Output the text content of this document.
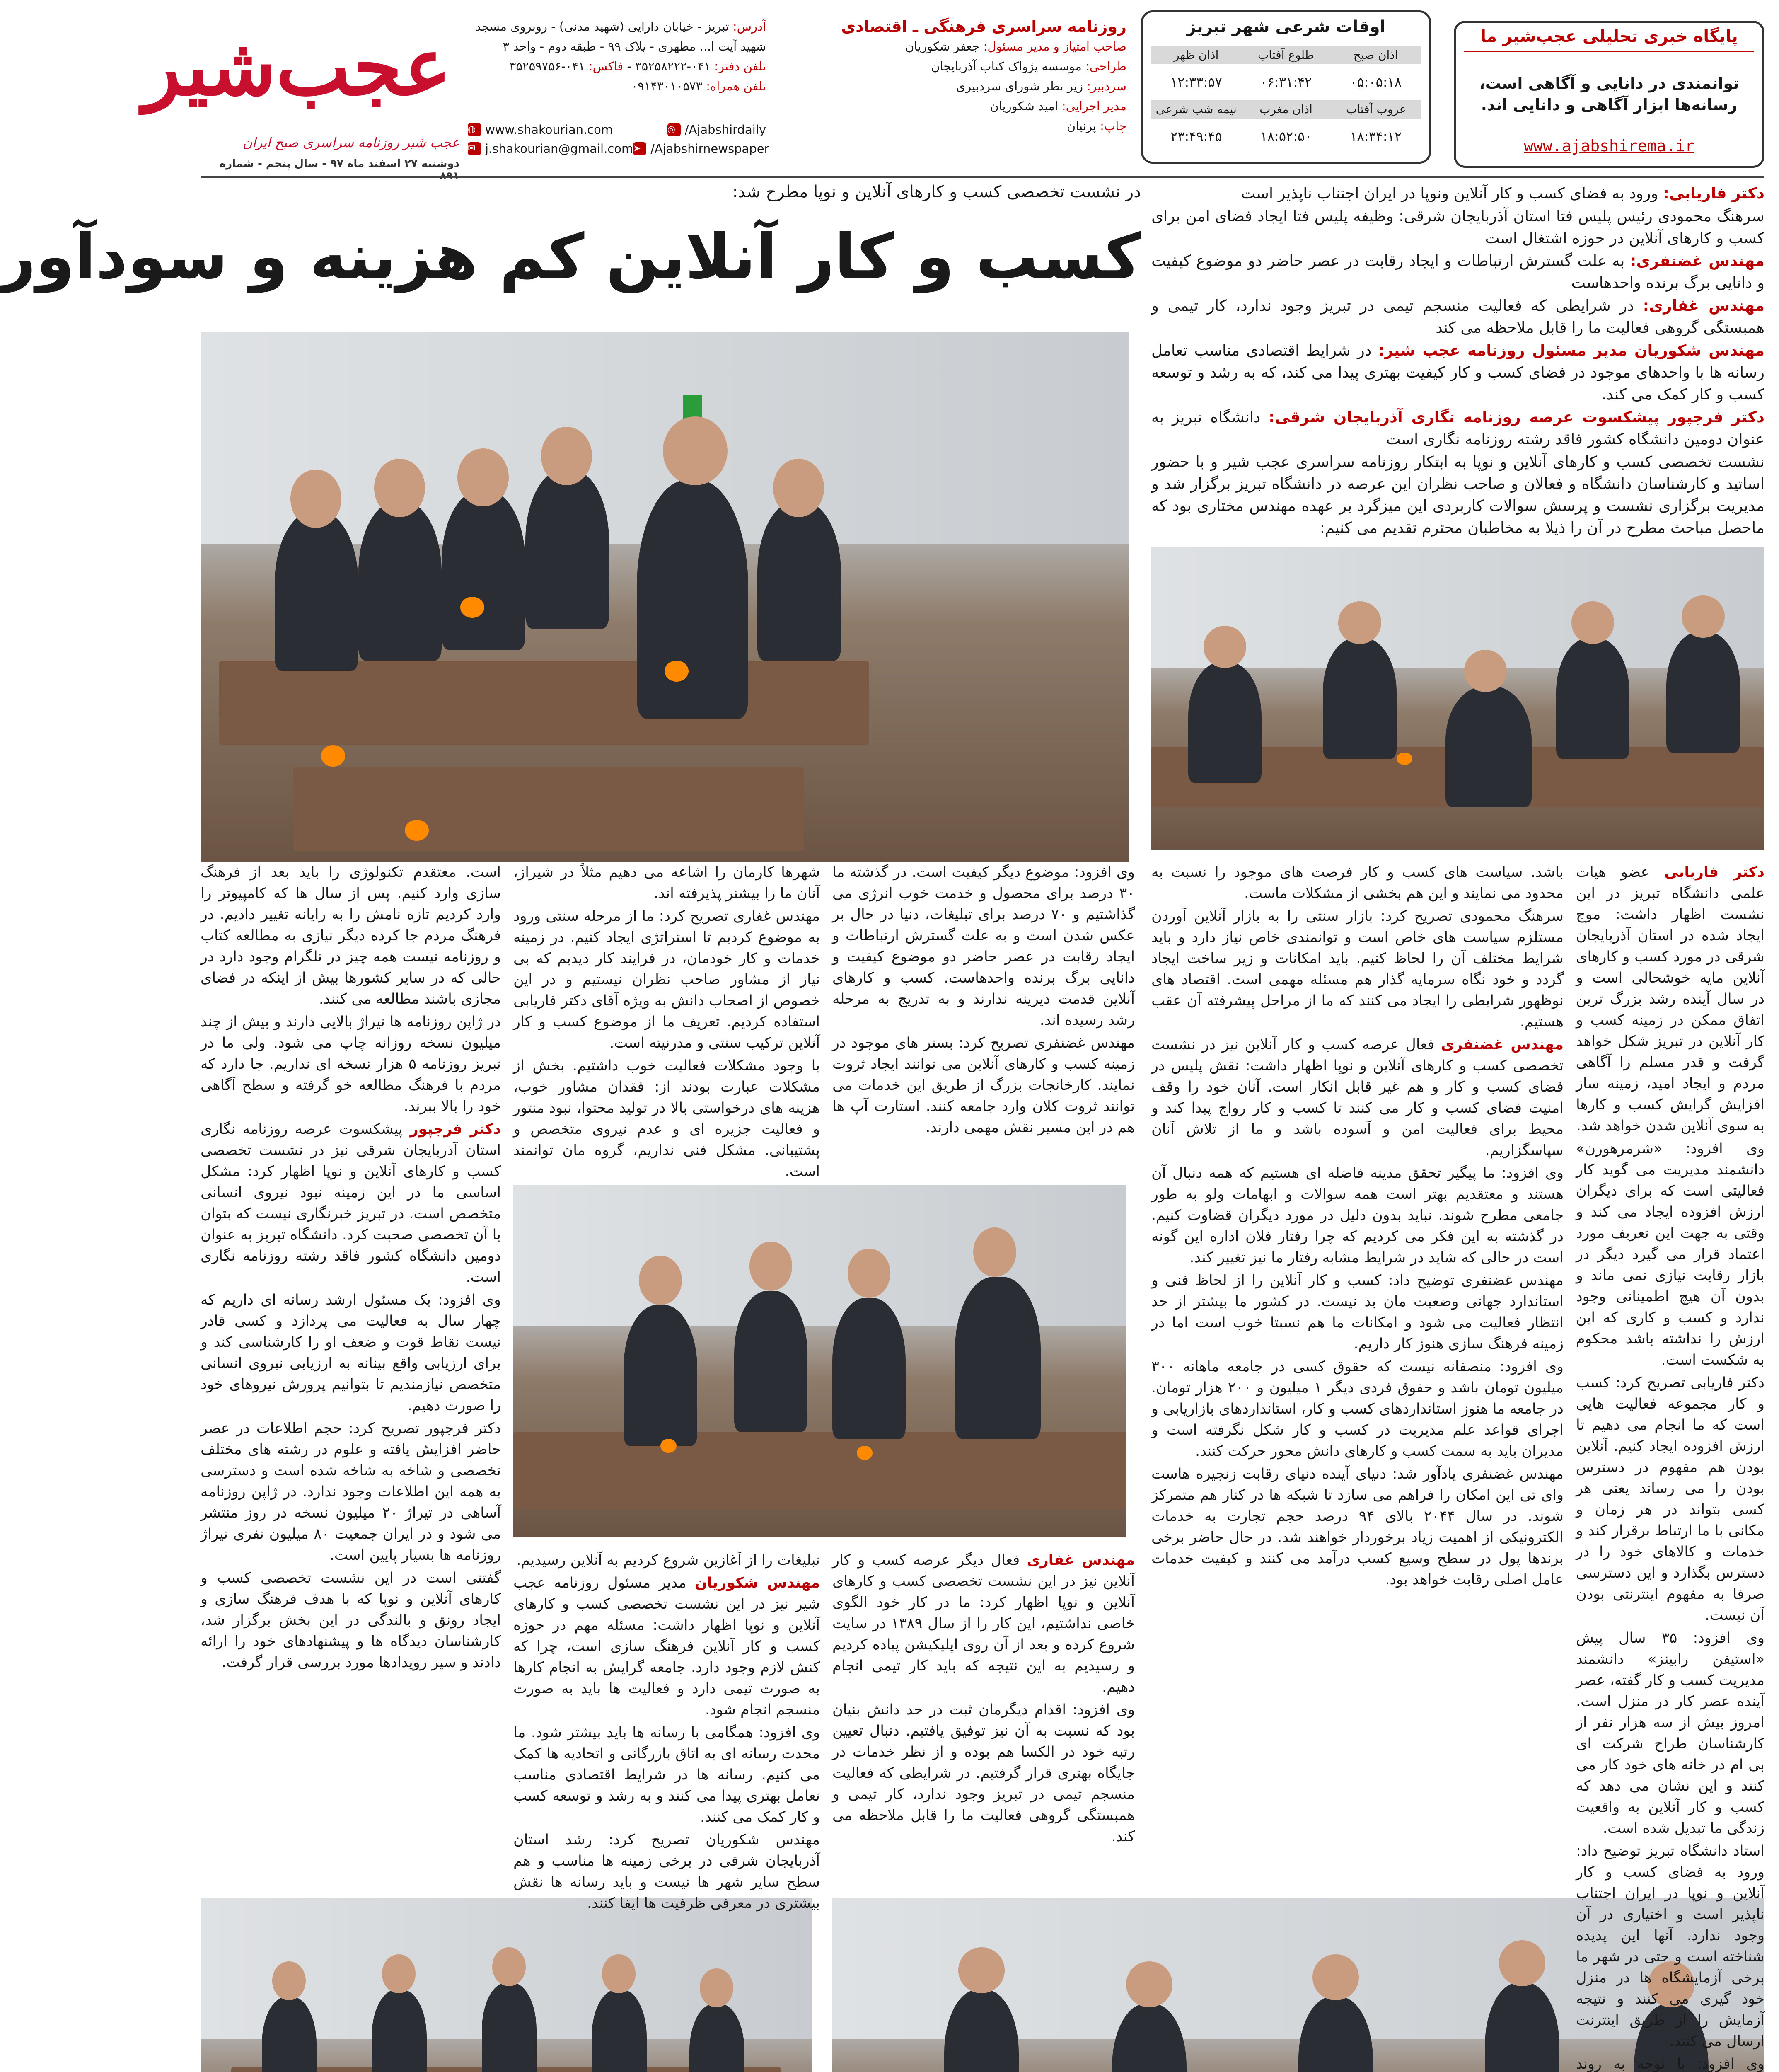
پایگاه خبری تحلیلی عجب‌شیر ما
توانمندی در دانایی و آگاهی است، رسانه‌ها ابزار آگاهی و دانایی اند.
www.ajabshirema.ir
اوقات شرعی شهر تبریز
اذان صبح
طلوع آفتاب
اذان ظهر
۰۵:۰۵:۱۸
۰۶:۳۱:۴۲
۱۲:۳۳:۵۷
غروب آفتاب
اذان مغرب
نیمه شب شرعی
۱۸:۳۴:۱۲
۱۸:۵۲:۵۰
۲۳:۴۹:۴۵
روزنامه سراسری فرهنگی ـ اقتصادی
صاحب امتیاز و مدیر مسئول: جعفر شکوریان
طراحی: موسسه پژواک کتاب آذربایجان
سردبیر: زیر نظر شورای سردبیری
مدیر اجرایی: امید شکوریان
چاپ: پرنیان
آدرس: تبریز - خیابان دارایی (شهید مدنی) - روبروی مسجد شهید آیت ا... مطهری - پلاک ۹۹ - طبقه دوم - واحد ۳
تلفن دفتر: ۰۴۱-۳۵۲۵۸۲۲۲ - فاکس: ۰۴۱-۳۵۲۵۹۷۵۶
تلفن همراه: ۰۹۱۴۳۰۱۰۵۷۳
◍ www.shakourian.com	◎ /Ajabshirdaily
✉ j.shakourian@gmail.com ➤ /Ajabshirnewspaper
عجب‌شیر
عجب شیر روزنامه سراسری صبح ایران
دوشنبه ۲۷ اسفند ماه ۹۷ - سال پنجم - شماره ۸۹۱
در نشست تخصصی کسب و کارهای آنلاین و نوپا مطرح شد:
کسب و کار آنلاین کم هزینه و سودآور

دکتر فاریابی: ورود به فضای کسب و کار آنلاین ونوپا در ایران اجتناب ناپذیر است

سرهنگ محمودی رئیس پلیس فتا استان آذربایجان شرقی: وظیفه پلیس فتا ایجاد فضای امن برای کسب و کارهای آنلاین در حوزه اشتغال است

مهندس غضنفری: به علت گسترش ارتباطات و ایجاد رقابت در عصر حاضر دو موضوع کیفیت و دانایی برگ برنده واحدهاست

مهندس غفاری: در شرایطی که فعالیت منسجم تیمی در تبریز وجود ندارد، کار تیمی و همبستگی گروهی فعالیت ما را قابل ملاحظه می کند

مهندس شکوریان مدیر مسئول روزنامه عجب شیر: در شرایط اقتصادی مناسب تعامل رسانه ها با واحدهای موجود در فضای کسب و کار کیفیت بهتری پیدا می کند، که به رشد و توسعه کسب و کار کمک می کند.

دکتر فرجپور پیشکسوت عرصه روزنامه نگاری آذربایجان شرقی: دانشگاه تبریز به عنوان دومین دانشگاه کشور فاقد رشته روزنامه نگاری است

نشست تخصصی کسب و کارهای آنلاین و نوپا به ابتکار روزنامه سراسری عجب شیر و با حضور اساتید و کارشناسان دانشگاه و فعالان و صاحب نظران این عرصه در دانشگاه تبریز برگزار شد و مدیریت برگزاری نشست و پرسش سوالات کاربردی این میزگرد بر عهده مهندس مختاری بود که ماحصل مباحث مطرح در آن را ذیلا به مخاطبان محترم تقدیم می کنیم:

دکتر فاریابی عضو هیات علمی دانشگاه تبریز در این نشست اظهار داشت: موج ایجاد شده در استان آذربایجان شرقی در مورد کسب و کارهای آنلاین مایه خوشحالی است و در سال آینده رشد بزرگ ترین اتفاق ممکن در زمینه کسب و کار آنلاین در تبریز شکل خواهد گرفت و قدر مسلم را آگاهی مردم و ایجاد امید، زمینه ساز افزایش گرایش کسب و کارها به سوی آنلاین شدن خواهد شد.

وی افزود: «شرمرهورن» دانشمند مدیریت می گوید کار فعالیتی است که برای دیگران ارزش افزوده ایجاد می کند و وقتی به جهت این تعریف مورد اعتماد قرار می گیرد دیگر در بازار رقابت نیازی نمی ماند و بدون آن هیچ اطمینانی وجود ندارد و کسب و کاری که این ارزش را نداشته باشد محکوم به شکست است.

دکتر فاریابی تصریح کرد: کسب و کار مجموعه فعالیت هایی است که ما انجام می دهیم تا ارزش افزوده ایجاد کنیم. آنلاین بودن هم مفهوم در دسترس بودن را می رساند یعنی هر کسی بتواند در هر زمان و مکانی با ما ارتباط برقرار کند و خدمات و کالاهای خود را در دسترس بگذارد و این دسترسی صرفا به مفهوم اینترنتی بودن آن نیست.

وی افزود: ۳۵ سال پیش «استیفن رابینز» دانشمند مدیریت کسب و کار گفته، عصر آینده عصر کار در منزل است. امروز بیش از سه هزار نفر از کارشناسان طراح شرکت ای بی ام در خانه های خود کار می کنند و این نشان می دهد که کسب و کار آنلاین به واقعیت زندگی ما تبدیل شده است.

استاد دانشگاه تبریز توضیح داد: ورود به فضای کسب و کار آنلاین و نوپا در ایران اجتناب ناپذیر است و اختیاری در آن وجود ندارد. آنها این پدیده شناخته است و حتی در شهر ما برخی آزمایشگاه ها در منزل خود گیری می کنند و نتیجه آزمایش را از طریق اینترنت ارسال می کنند.

وی افزود: با توجه به روند

باشد. سیاست های کسب و کار فرصت های موجود را نسبت به محدود می نمایند و این هم بخشی از مشکلات ماست.

سرهنگ محمودی تصریح کرد: بازار سنتی را به بازار آنلاین آوردن مستلزم سیاست های خاص است و توانمندی خاص نیاز دارد و باید شرایط مختلف آن را لحاظ کنیم. باید امکانات و زیر ساخت ایجاد گردد و خود نگاه سرمایه گذار هم مسئله مهمی است. اقتصاد های نوظهور شرایطی را ایجاد می کنند که ما از مراحل پیشرفته آن عقب هستیم.

مهندس غضنفری فعال عرصه کسب و کار آنلاین نیز در نشست تخصصی کسب و کارهای آنلاین و نوپا اظهار داشت: نقش پلیس در فضای کسب و کار و هم غیر قابل انکار است. آنان خود را وقف امنیت فضای کسب و کار می کنند تا کسب و کار رواج پیدا کند و محیط برای فعالیت امن و آسوده باشد و ما از تلاش آنان سپاسگزاریم.

وی افزود: ما پیگیر تحقق مدینه فاضله ای هستیم که همه دنبال آن هستند و معتقدیم بهتر است همه سوالات و ابهامات ولو به طور جامعی مطرح شوند. نباید بدون دلیل در مورد دیگران قضاوت کنیم. در گذشته به این فکر می کردیم که چرا رفتار فلان اداره این گونه است در حالی که شاید در شرایط مشابه رفتار ما نیز تغییر کند.

مهندس غضنفری توضیح داد: کسب و کار آنلاین را از لحاظ فنی و استاندارد جهانی وضعیت مان بد نیست. در کشور ما بیشتر از حد انتظار فعالیت می شود و امکانات ما هم نسبتا خوب است اما در زمینه فرهنگ سازی هنوز کار داریم.

وی افزود: منصفانه نیست که حقوق کسی در جامعه ماهانه ۳۰۰ میلیون تومان باشد و حقوق فردی دیگر ۱ میلیون و ۲۰۰ هزار تومان. در جامعه ما هنوز استانداردهای کسب و کار، استانداردهای بازاریابی و اجرای قواعد علم مدیریت در کسب و کار شکل نگرفته است و مدیران باید به سمت کسب و کارهای دانش محور حرکت کنند.

مهندس غضنفری یادآور شد: دنیای آینده دنیای رقابت زنجیره هاست وای تی این امکان را فراهم می سازد تا شبکه ها در کنار هم متمرکز شوند. در سال ۲۰۴۴ بالای ۹۴ درصد حجم تجارت به خدمات الکترونیکی از اهمیت زیاد برخوردار خواهند شد. در حال حاضر برخی برندها پول در سطح وسیع کسب درآمد می کنند و کیفیت خدمات عامل اصلی رقابت خواهد بود.

وی افزود: موضوع دیگر کیفیت است. در گذشته ما ۳۰ درصد برای محصول و خدمت خوب انرژی می گذاشتیم و ۷۰ درصد برای تبلیغات، دنیا در حال بر عکس شدن است و به علت گسترش ارتباطات و ایجاد رقابت در عصر حاضر دو موضوع کیفیت و دانایی برگ برنده واحدهاست. کسب و کارهای آنلاین قدمت دیرینه ندارند و به تدریج به مرحله رشد رسیده اند.

مهندس غضنفری تصریح کرد: بستر های موجود در زمینه کسب و کارهای آنلاین می توانند ایجاد ثروت نمایند. کارخانجات بزرگ از طریق این خدمات می توانند ثروت کلان وارد جامعه کنند. استارت آپ ها هم در این مسیر نقش مهمی دارند.

مهندس غفاری فعال دیگر عرصه کسب و کار آنلاین نیز در این نشست تخصصی کسب و کارهای آنلاین و نوپا اظهار کرد: ما در کار خود الگوی خاصی نداشتیم، این کار را از سال ۱۳۸۹ در سایت شروع کرده و بعد از آن روی اپلیکیشن پیاده کردیم و رسیدیم به این نتیجه که باید کار تیمی انجام دهیم.

وی افزود: اقدام دیگرمان ثبت در حد دانش بنیان بود که نسبت به آن نیز توفیق یافتیم. دنبال تعیین رتبه خود در الکسا هم بوده و از نظر خدمات در جایگاه بهتری قرار گرفتیم. در شرایطی که فعالیت منسجم تیمی در تبریز وجود ندارد، کار تیمی و همبستگی گروهی فعالیت ما را قابل ملاحظه می کند.

شهرها کارمان را اشاعه می دهیم مثلاً در شیراز، آنان ما را بیشتر پذیرفته اند.

مهندس غفاری تصریح کرد: ما از مرحله سنتی ورود به موضوع کردیم تا استراتژی ایجاد کنیم. در زمینه خدمات و کار خودمان، در فرایند کار دیدیم که بی نیاز از مشاور صاحب نظران نیستیم و در این خصوص از اصحاب دانش به ویژه آقای دکتر فاریابی استفاده کردیم. تعریف ما از موضوع کسب و کار آنلاین ترکیب سنتی و مدرنیته است.

با وجود مشکلات فعالیت خوب داشتیم. بخش از مشکلات عبارت بودند از: فقدان مشاور خوب، هزینه های درخواستی بالا در تولید محتوا، نبود منتور و فعالیت جزیره ای و عدم نیروی متخصص و پشتیبانی. مشکل فنی نداریم، گروه مان توانمند است.

تبلیغات را از آغازین شروع کردیم به آنلاین رسیدیم.

مهندس شکوریان مدیر مسئول روزنامه عجب شیر نیز در این نشست تخصصی کسب و کارهای آنلاین و نوپا اظهار داشت: مسئله مهم در حوزه کسب و کار آنلاین فرهنگ سازی است، چرا که کنش لازم وجود دارد. جامعه گرایش به انجام کارها به صورت تیمی دارد و فعالیت ها باید به صورت منسجم انجام شود.

وی افزود: همگامی با رسانه ها باید بیشتر شود. ما محدت رسانه ای به اتاق بازرگانی و اتحادیه ها کمک می کنیم. رسانه ها در شرایط اقتصادی مناسب تعامل بهتری پیدا می کنند و به رشد و توسعه کسب و کار کمک می کنند.

مهندس شکوریان تصریح کرد: رشد استان آذربایجان شرقی در برخی زمینه ها مناسب و هم سطح سایر شهر ها نیست و باید رسانه ها نقش بیشتری در معرفی ظرفیت ها ایفا کنند.

است. معتقدم تکنولوژی را باید بعد از فرهنگ سازی وارد کنیم. پس از سال ها که کامپیوتر را وارد کردیم تازه نامش را به رایانه تغییر دادیم. در فرهنگ مردم جا کرده دیگر نیازی به مطالعه کتاب و روزنامه نیست همه چیز در تلگرام وجود دارد در حالی که در سایر کشورها بیش از اینکه در فضای مجازی باشند مطالعه می کنند.

در ژاپن روزنامه ها تیراژ بالایی دارند و بیش از چند میلیون نسخه روزانه چاپ می شود. ولی ما در تبریز روزنامه ۵ هزار نسخه ای نداریم. جا دارد که مردم با فرهنگ مطالعه خو گرفته و سطح آگاهی خود را بالا ببرند.

دکتر فرجپور پیشکسوت عرصه روزنامه نگاری استان آذربایجان شرقی نیز در نشست تخصصی کسب و کارهای آنلاین و نوپا اظهار کرد: مشکل اساسی ما در این زمینه نبود نیروی انسانی متخصص است. در تبریز خبرنگاری نیست که بتوان با آن تخصصی صحبت کرد. دانشگاه تبریز به عنوان دومین دانشگاه کشور فاقد رشته روزنامه نگاری است.

وی افزود: یک مسئول ارشد رسانه ای داریم که چهار سال به فعالیت می پردازد و کسی قادر نیست نقاط قوت و ضعف او را کارشناسی کند و برای ارزیابی واقع بینانه به ارزیابی نیروی انسانی متخصص نیازمندیم تا بتوانیم پرورش نیروهای خود را صورت دهیم.

دکتر فرجپور تصریح کرد: حجم اطلاعات در عصر حاضر افزایش یافته و علوم در رشته های مختلف تخصصی و شاخه به شاخه شده است و دسترسی به همه این اطلاعات وجود ندارد. در ژاپن روزنامه آساهی در تیراژ ۲۰ میلیون نسخه در روز منتشر می شود و در ایران جمعیت ۸۰ میلیون نفری تیراژ روزنامه ها بسیار پایین است.

گفتنی است در این نشست تخصصی کسب و کارهای آنلاین و نوپا که با هدف فرهنگ سازی و ایجاد رونق و بالندگی در این بخش برگزار شد، کارشناسان دیدگاه ها و پیشنهادهای خود را ارائه دادند و سیر رویدادها مورد بررسی قرار گرفت.
